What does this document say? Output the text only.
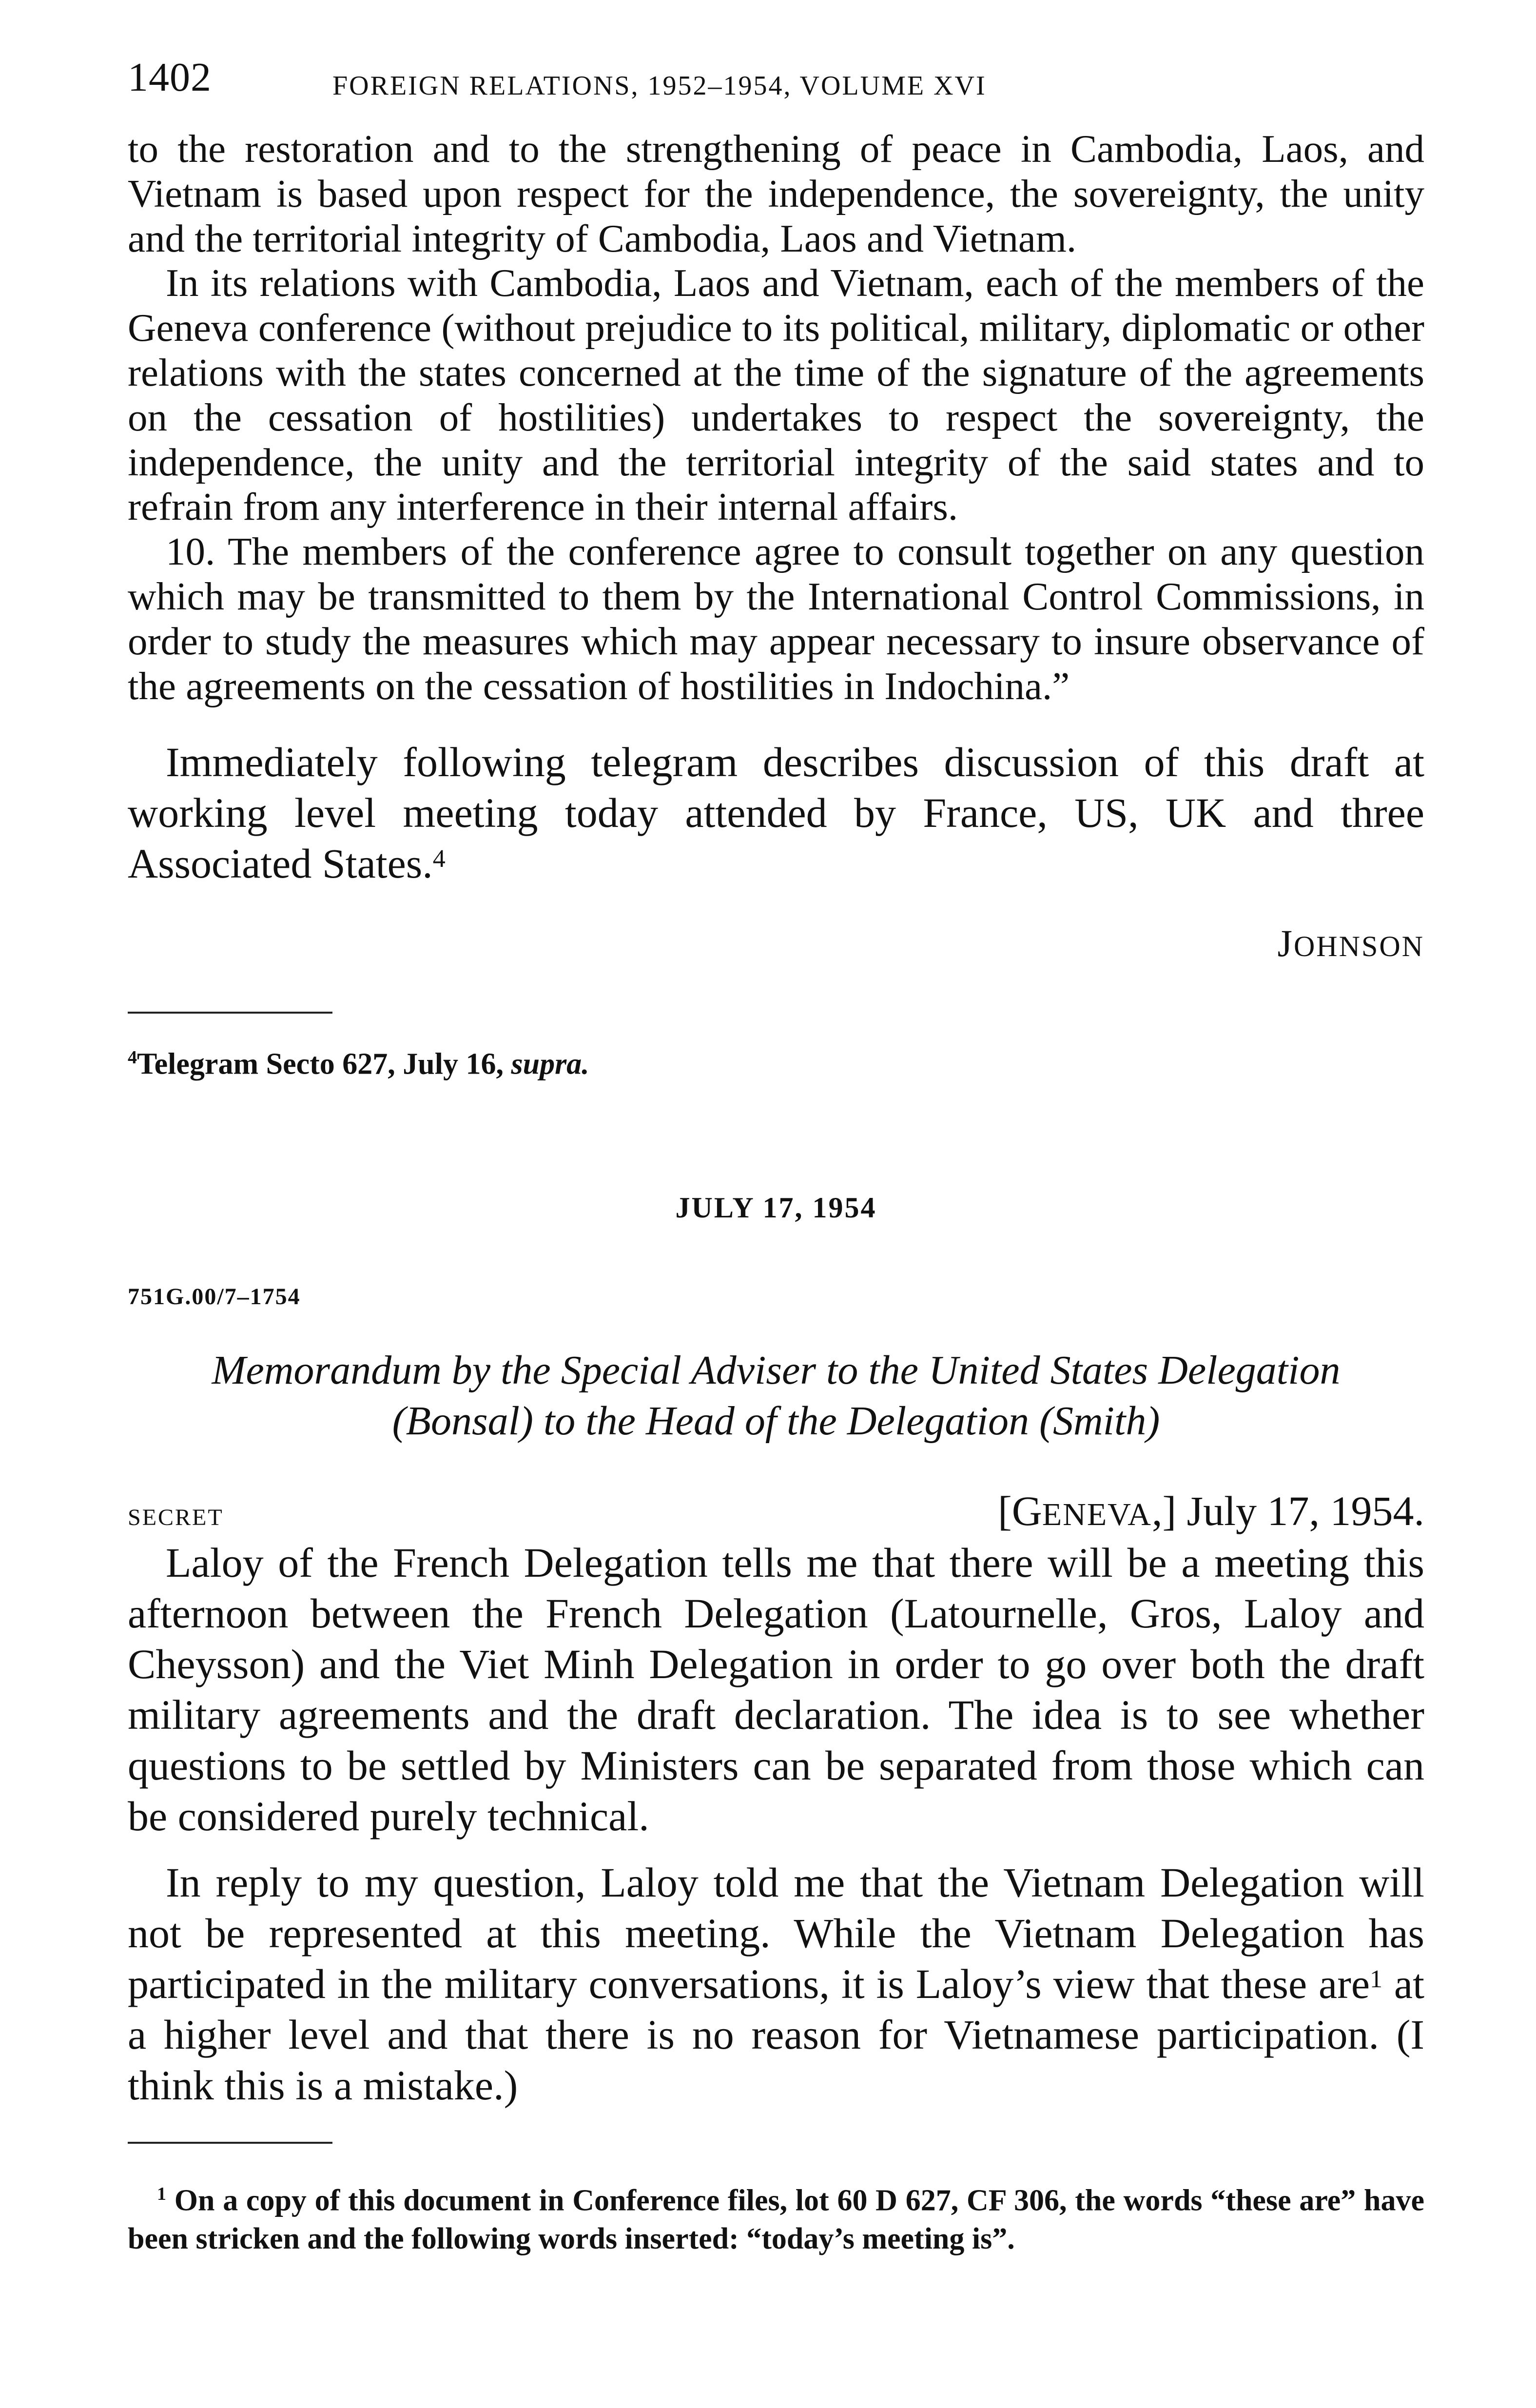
1402	FOREIGN RELATIONS, 1952–1954, VOLUME XVI

to the restoration and to the strengthening of peace in Cambodia, Laos, and Vietnam is based upon respect for the independence, the sovereignty, the unity and the territorial integrity of Cambodia, Laos and Vietnam.

In its relations with Cambodia, Laos and Vietnam, each of the members of the Geneva conference (without prejudice to its political, military, diplomatic or other relations with the states concerned at the time of the signature of the agreements on the cessation of hostilities) undertakes to respect the sovereignty, the independence, the unity and the territorial integrity of the said states and to refrain from any interference in their internal affairs.

10. The members of the conference agree to consult together on any question which may be transmitted to them by the International Control Commissions, in order to study the measures which may appear necessary to insure observance of the agreements on the cessation of hostilities in Indochina.”

Immediately following telegram describes discussion of this draft at working level meeting today attended by France, US, UK and three Associated States.$^4$

JOHNSON
$^4$Telegram Secto 627, July 16, supra.
JULY 17, 1954
751G.00/7–1754
Memorandum by the Special Adviser to the United States Delegation
(Bonsal) to the Head of the Delegation (Smith)
SECRET	[GENEVA,] July 17, 1954.

Laloy of the French Delegation tells me that there will be a meeting this afternoon between the French Delegation (Latournelle, Gros, Laloy and Cheysson) and the Viet Minh Delegation in order to go over both the draft military agreements and the draft declaration. The idea is to see whether questions to be settled by Ministers can be separated from those which can be considered purely technical.

In reply to my question, Laloy told me that the Vietnam Delegation will not be represented at this meeting. While the Vietnam Delegation has participated in the military conversations, it is Laloy’s view that these are$^1$ at a higher level and that there is no reason for Vietnamese participation. (I think this is a mistake.)

$^1$ On a copy of this document in Conference files, lot 60 D 627, CF 306, the words “these are” have been stricken and the following words inserted: “today’s meeting is”.
